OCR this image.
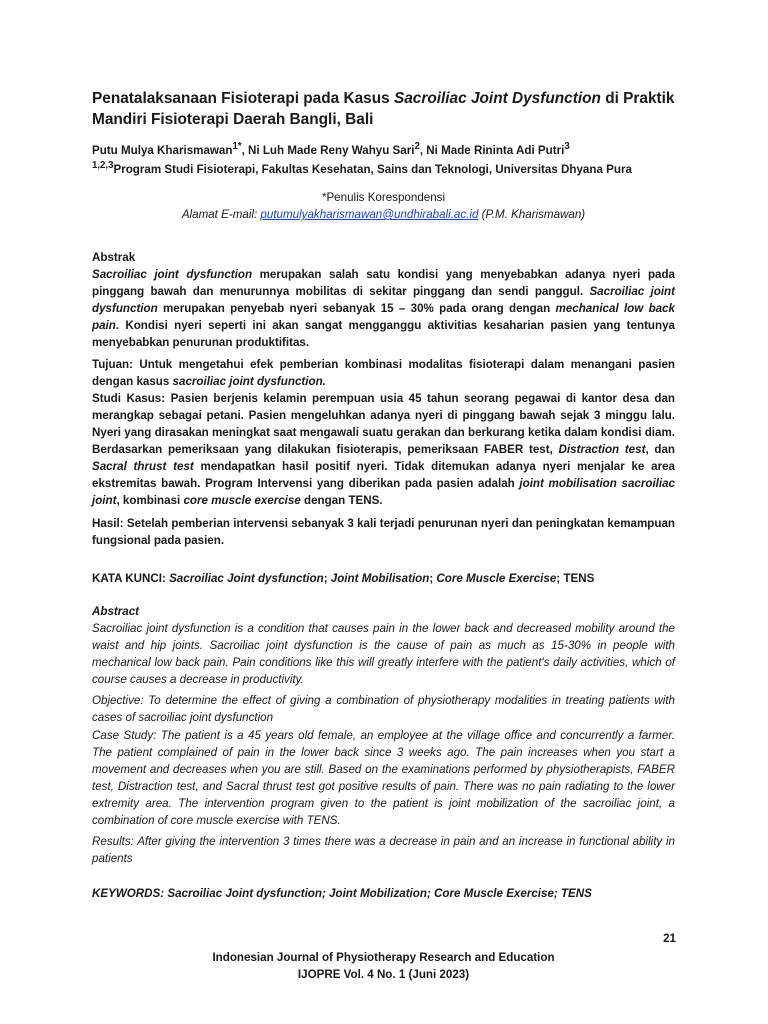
Penatalaksanaan Fisioterapi pada Kasus Sacroiliac Joint Dysfunction di Praktik Mandiri Fisioterapi Daerah Bangli, Bali
Putu Mulya Kharismawan$^{1*}$, Ni Luh Made Reny Wahyu Sari$^2$, Ni Made Rininta Adi Putri$^3$
$^{1,2,3}$Program Studi Fisioterapi, Fakultas Kesehatan, Sains dan Teknologi, Universitas Dhyana Pura
*Penulis Korespondensi
Alamat E-mail: putumulyakharismawan@undhirabali.ac.id (P.M. Kharismawan)
Abstrak
Sacroiliac joint dysfunction merupakan salah satu kondisi yang menyebabkan adanya nyeri pada pinggang bawah dan menurunnya mobilitas di sekitar pinggang dan sendi panggul. Sacroiliac joint dysfunction merupakan penyebab nyeri sebanyak 15 – 30% pada orang dengan mechanical low back pain. Kondisi nyeri seperti ini akan sangat mengganggu aktivitias kesaharian pasien yang tentunya menyebabkan penurunan produktifitas.
Tujuan: Untuk mengetahui efek pemberian kombinasi modalitas fisioterapi dalam menangani pasien dengan kasus sacroiliac joint dysfunction.
Studi Kasus: Pasien berjenis kelamin perempuan usia 45 tahun seorang pegawai di kantor desa dan merangkap sebagai petani. Pasien mengeluhkan adanya nyeri di pinggang bawah sejak 3 minggu lalu. Nyeri yang dirasakan meningkat saat mengawali suatu gerakan dan berkurang ketika dalam kondisi diam. Berdasarkan pemeriksaan yang dilakukan fisioterapis, pemeriksaan FABER test, Distraction test, dan Sacral thrust test mendapatkan hasil positif nyeri. Tidak ditemukan adanya nyeri menjalar ke area ekstremitas bawah. Program Intervensi yang diberikan pada pasien adalah joint mobilisation sacroiliac joint, kombinasi core muscle exercise dengan TENS.
Hasil: Setelah pemberian intervensi sebanyak 3 kali terjadi penurunan nyeri dan peningkatan kemampuan fungsional pada pasien.
KATA KUNCI: Sacroiliac Joint dysfunction; Joint Mobilisation; Core Muscle Exercise; TENS
Abstract
Sacroiliac joint dysfunction is a condition that causes pain in the lower back and decreased mobility around the waist and hip joints. Sacroiliac joint dysfunction is the cause of pain as much as 15-30% in people with mechanical low back pain. Pain conditions like this will greatly interfere with the patient's daily activities, which of course causes a decrease in productivity.
Objective: To determine the effect of giving a combination of physiotherapy modalities in treating patients with cases of sacroiliac joint dysfunction
Case Study: The patient is a 45 years old female, an employee at the village office and concurrently a farmer. The patient complained of pain in the lower back since 3 weeks ago. The pain increases when you start a movement and decreases when you are still. Based on the examinations performed by physiotherapists, FABER test, Distraction test, and Sacral thrust test got positive results of pain. There was no pain radiating to the lower extremity area. The intervention program given to the patient is joint mobilization of the sacroiliac joint, a combination of core muscle exercise with TENS.
Results: After giving the intervention 3 times there was a decrease in pain and an increase in functional ability in patients
KEYWORDS: Sacroiliac Joint dysfunction; Joint Mobilization; Core Muscle Exercise; TENS
21
Indonesian Journal of Physiotherapy Research and Education
IJOPRE Vol. 4 No. 1 (Juni 2023)
